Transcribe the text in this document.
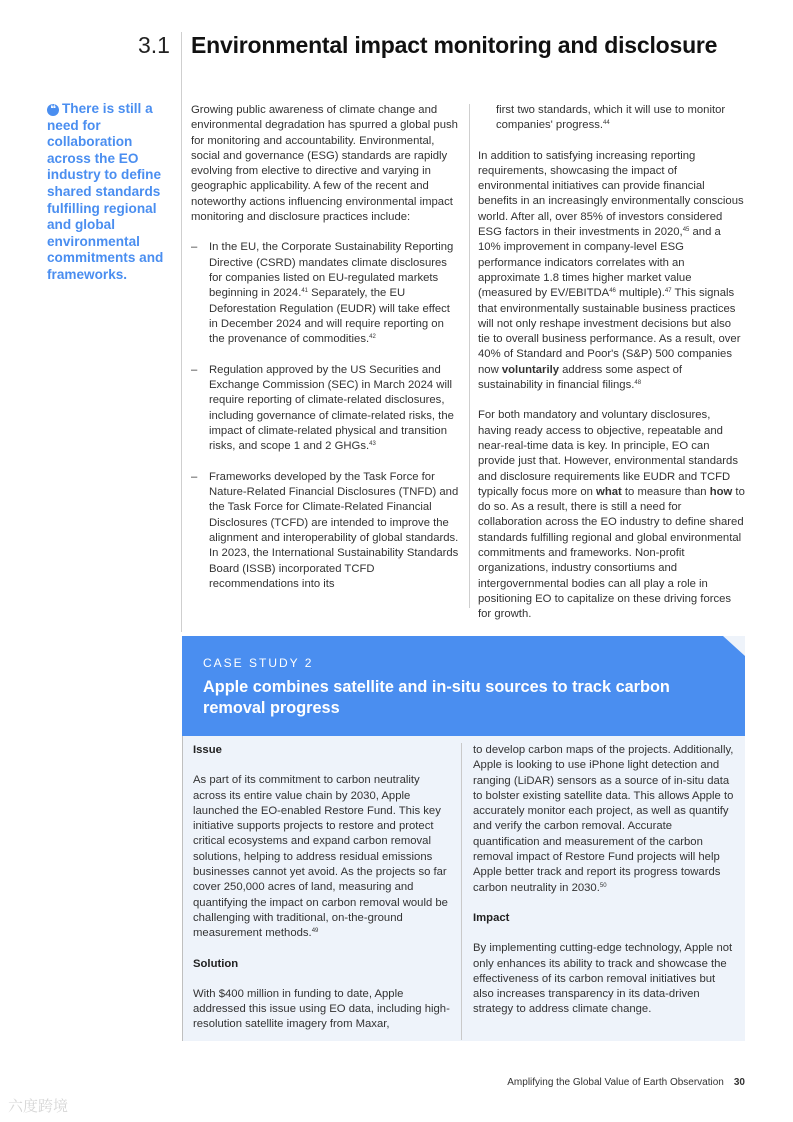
3.1 Environmental impact monitoring and disclosure
❝ There is still a need for collaboration across the EO industry to define shared standards fulfilling regional and global environmental commitments and frameworks.

Growing public awareness of climate change and environmental degradation has spurred a global push for monitoring and accountability. Environmental, social and governance (ESG) standards are rapidly evolving from elective to directive and varying in geographic applicability. A few of the recent and noteworthy actions influencing environmental impact monitoring and disclosure practices include:

– In the EU, the Corporate Sustainability Reporting Directive (CSRD) mandates climate disclosures for companies listed on EU-regulated markets beginning in 2024.41 Separately, the EU Deforestation Regulation (EUDR) will take effect in December 2024 and will require reporting on the provenance of commodities.$^{42}$
– Regulation approved by the US Securities and Exchange Commission (SEC) in March 2024 will require reporting of climate-related disclosures, including governance of climate-related risks, the impact of climate-related physical and transition risks, and scope 1 and 2 GHGs.$^{43}$
– Frameworks developed by the Task Force for Nature-Related Financial Disclosures (TNFD) and the Task Force for Climate-Related Financial Disclosures (TCFD) are intended to improve the alignment and interoperability of global standards. In 2023, the International Sustainability Standards Board (ISSB) incorporated TCFD recommendations into its

first two standards, which it will use to monitor companies' progress.$^{44}$

In addition to satisfying increasing reporting requirements, showcasing the impact of environmental initiatives can provide financial benefits in an increasingly environmentally conscious world. After all, over 85% of investors considered ESG factors in their investments in 2020,45 and a 10% improvement in company-level ESG performance indicators correlates with an approximate 1.8 times higher market value (measured by EV/EBITDA$^{46}$ multiple).$^{47}$ This signals that environmentally sustainable business practices will not only reshape investment decisions but also tie to overall business performance. As a result, over 40% of Standard and Poor's (S&P) 500 companies now voluntarily address some aspect of sustainability in financial filings.$^{48}$

For both mandatory and voluntary disclosures, having ready access to objective, repeatable and near-real-time data is key. In principle, EO can provide just that. However, environmental standards and disclosure requirements like EUDR and TCFD typically focus more on what to measure than how to do so. As a result, there is still a need for collaboration across the EO industry to define shared standards fulfilling regional and global environmental commitments and frameworks. Non-profit organizations, industry consortiums and intergovernmental bodies can all play a role in positioning EO to capitalize on these driving forces for growth.

CASE STUDY 2
Apple combines satellite and in-situ sources to track carbon removal progress

Issue

As part of its commitment to carbon neutrality across its entire value chain by 2030, Apple launched the EO-enabled Restore Fund. This key initiative supports projects to restore and protect critical ecosystems and expand carbon removal solutions, helping to address residual emissions businesses cannot yet avoid. As the projects so far cover 250,000 acres of land, measuring and quantifying the impact on carbon removal would be challenging with traditional, on-the-ground measurement methods.$^{49}$

Solution

With $400 million in funding to date, Apple addressed this issue using EO data, including high-resolution satellite imagery from Maxar,

to develop carbon maps of the projects. Additionally, Apple is looking to use iPhone light detection and ranging (LiDAR) sensors as a source of in-situ data to bolster existing satellite data. This allows Apple to accurately monitor each project, as well as quantify and verify the carbon removal. Accurate quantification and measurement of the carbon removal impact of Restore Fund projects will help Apple better track and report its progress towards carbon neutrality in 2030.50

Impact

By implementing cutting-edge technology, Apple not only enhances its ability to track and showcase the effectiveness of its carbon removal initiatives but also increases transparency in its data-driven strategy to address climate change.

Amplifying the Global Value of Earth Observation 30
六度跨境
